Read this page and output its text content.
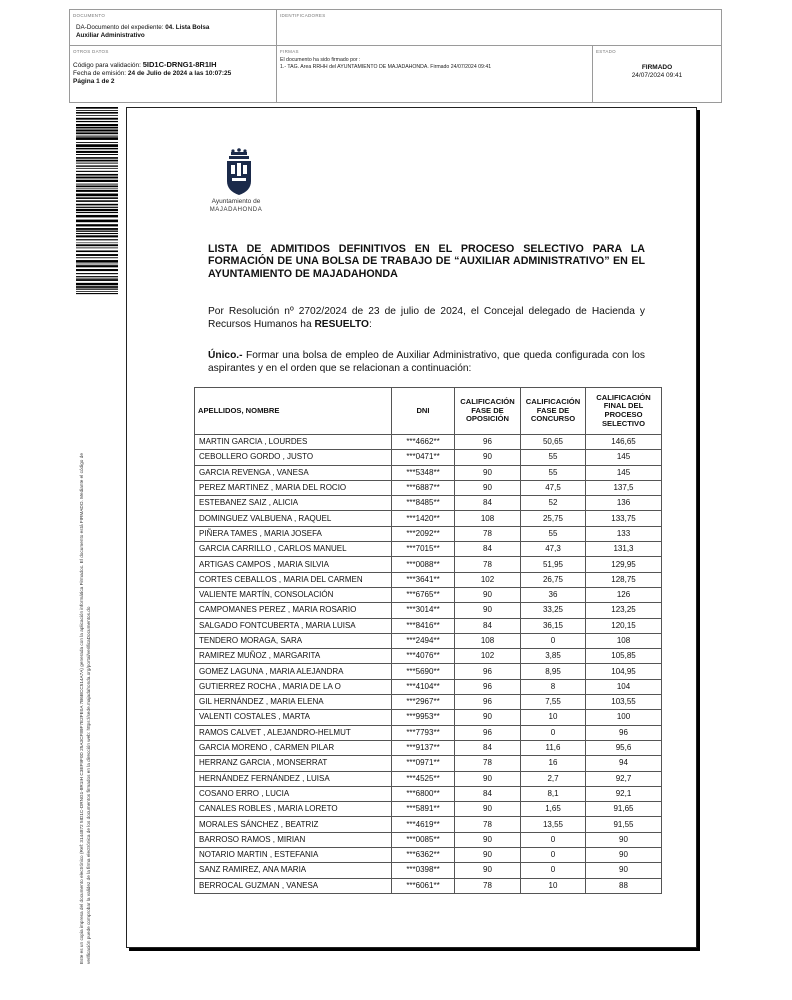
DOCUMENTO
DA-Documento del expediente: 04. Lista Bolsa
Auxiliar Administrativo
IDENTIFICADORES
OTROS DATOS
Código para validación: 5ID1C-DRNG1-8R1IH
Fecha de emisión: 24 de Julio de 2024 a las 10:07:25
Página 1 de 2
FIRMAS
El documento ha sido firmado por :
1.- TAG. Area RRHH del AYUNTAMIENTO DE MAJADAHONDA. Firmado 24/07/2024 09:41
ESTADO
FIRMADO
24/07/2024 09:41
Este es un copia impresa del documento electrónico (Ref: 3144872 5ID1C-DRNG1-8R1IH C3EF9F0D 25A3CF89F7E2FE0A 7B6BCC514A7A) generada con la aplicación informática Firmadoc. El documento está FIRMADO. Mediante el código de verificación puede comprobar la validez de la firma electrónica de los documentos firmados en la dirección web: https://sede.majadahonda.org/portal/verificaDocumentos.do
Ayuntamiento de
MAJADAHONDA
LISTA DE ADMITIDOS DEFINITIVOS EN EL PROCESO SELECTIVO PARA LA FORMACIÓN DE UNA BOLSA DE TRABAJO DE “AUXILIAR ADMINISTRATIVO” EN EL AYUNTAMIENTO DE MAJADAHONDA
Por Resolución nº 2702/2024 de 23 de julio de 2024, el Concejal delegado de Hacienda y Recursos Humanos ha RESUELTO:
Único.- Formar una bolsa de empleo de Auxiliar Administrativo, que queda configurada con los aspirantes y en el orden que se relacionan a continuación:
APELLIDOS, NOMBRE	DNI	CALIFICACIÓN FASE DE OPOSICIÓN	CALIFICACIÓN FASE DE CONCURSO	CALIFICACIÓN FINAL DEL PROCESO SELECTIVO
MARTIN GARCIA , LOURDES	***4662**	96	50,65	146,65
CEBOLLERO GORDO , JUSTO	***0471**	90	55	145
GARCIA REVENGA , VANESA	***5348**	90	55	145
PEREZ MARTINEZ , MARIA DEL ROCIO	***6887**	90	47,5	137,5
ESTEBANEZ SAIZ , ALICIA	***8485**	84	52	136
DOMINGUEZ VALBUENA , RAQUEL	***1420**	108	25,75	133,75
PIÑERA TAMES , MARIA JOSEFA	***2092**	78	55	133
GARCIA CARRILLO , CARLOS MANUEL	***7015**	84	47,3	131,3
ARTIGAS CAMPOS , MARIA SILVIA	***0088**	78	51,95	129,95
CORTES CEBALLOS , MARIA DEL CARMEN	***3641**	102	26,75	128,75
VALIENTE MARTÍN, CONSOLACIÓN	***6765**	90	36	126
CAMPOMANES PEREZ , MARIA ROSARIO	***3014**	90	33,25	123,25
SALGADO FONTCUBERTA , MARIA LUISA	***8416**	84	36,15	120,15
TENDERO MORAGA, SARA	***2494**	108	0	108
RAMIREZ MUÑOZ , MARGARITA	***4076**	102	3,85	105,85
GOMEZ LAGUNA , MARIA ALEJANDRA	***5690**	96	8,95	104,95
GUTIERREZ ROCHA , MARIA DE LA O	***4104**	96	8	104
GIL HERNÁNDEZ , MARIA ELENA	***2967**	96	7,55	103,55
VALENTI COSTALES , MARTA	***9953**	90	10	100
RAMOS CALVET , ALEJANDRO-HELMUT	***7793**	96	0	96
GARCIA MORENO , CARMEN PILAR	***9137**	84	11,6	95,6
HERRANZ GARCIA , MONSERRAT	***0971**	78	16	94
HERNÁNDEZ FERNÁNDEZ , LUISA	***4525**	90	2,7	92,7
COSANO ERRO , LUCIA	***6800**	84	8,1	92,1
CANALES ROBLES , MARIA LORETO	***5891**	90	1,65	91,65
MORALES SÁNCHEZ , BEATRIZ	***4619**	78	13,55	91,55
BARROSO RAMOS , MIRIAN	***0085**	90	0	90
NOTARIO MARTIN , ESTEFANIA	***6362**	90	0	90
SANZ RAMIREZ, ANA MARIA	***0398**	90	0	90
BERROCAL GUZMAN , VANESA	***6061**	78	10	88
